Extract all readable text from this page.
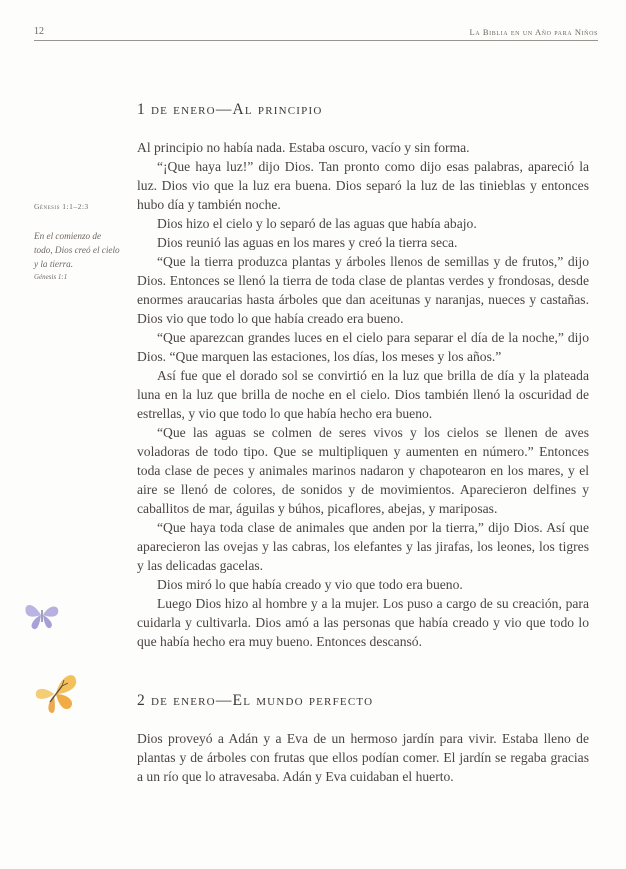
12	La Biblia en un Año para Niños
Génesis 1:1–2:3
En el comienzo de todo, Dios creó el cielo y la tierra.
Génesis 1:1
1 de enero—Al principio

Al principio no había nada. Estaba oscuro, vacío y sin forma.

“¡Que haya luz!” dijo Dios. Tan pronto como dijo esas palabras, apareció la luz. Dios vio que la luz era buena. Dios separó la luz de las tinieblas y entonces hubo día y también noche.

Dios hizo el cielo y lo separó de las aguas que había abajo.

Dios reunió las aguas en los mares y creó la tierra seca.

“Que la tierra produzca plantas y árboles llenos de semillas y de frutos,” dijo Dios. Entonces se llenó la tierra de toda clase de plantas verdes y frondosas, desde enormes araucarias hasta árboles que dan aceitunas y naranjas, nueces y castañas. Dios vio que todo lo que había creado era bueno.

“Que aparezcan grandes luces en el cielo para separar el día de la noche,” dijo Dios. “Que marquen las estaciones, los días, los meses y los años.”

Así fue que el dorado sol se convirtió en la luz que brilla de día y la plateada luna en la luz que brilla de noche en el cielo. Dios también llenó la oscuridad de estrellas, y vio que todo lo que había hecho era bueno.

“Que las aguas se colmen de seres vivos y los cielos se llenen de aves voladoras de todo tipo. Que se multipliquen y aumenten en número.” Entonces toda clase de peces y animales marinos nadaron y chapotearon en los mares, y el aire se llenó de colores, de sonidos y de movimientos. Aparecieron delfines y caballitos de mar, águilas y búhos, picaflores, abejas, y mariposas.

“Que haya toda clase de animales que anden por la tierra,” dijo Dios. Así que aparecieron las ovejas y las cabras, los elefantes y las jirafas, los leones, los tigres y las delicadas gacelas.

Dios miró lo que había creado y vio que todo era bueno.

Luego Dios hizo al hombre y a la mujer. Los puso a cargo de su creación, para cuidarla y cultivarla. Dios amó a las personas que había creado y vio que todo lo que había hecho era muy bueno. Entonces descansó.

2 de enero—El mundo perfecto

Dios proveyó a Adán y a Eva de un hermoso jardín para vivir. Estaba lleno de plantas y de árboles con frutas que ellos podían comer. El jardín se regaba gracias a un río que lo atravesaba. Adán y Eva cuidaban el huerto.
